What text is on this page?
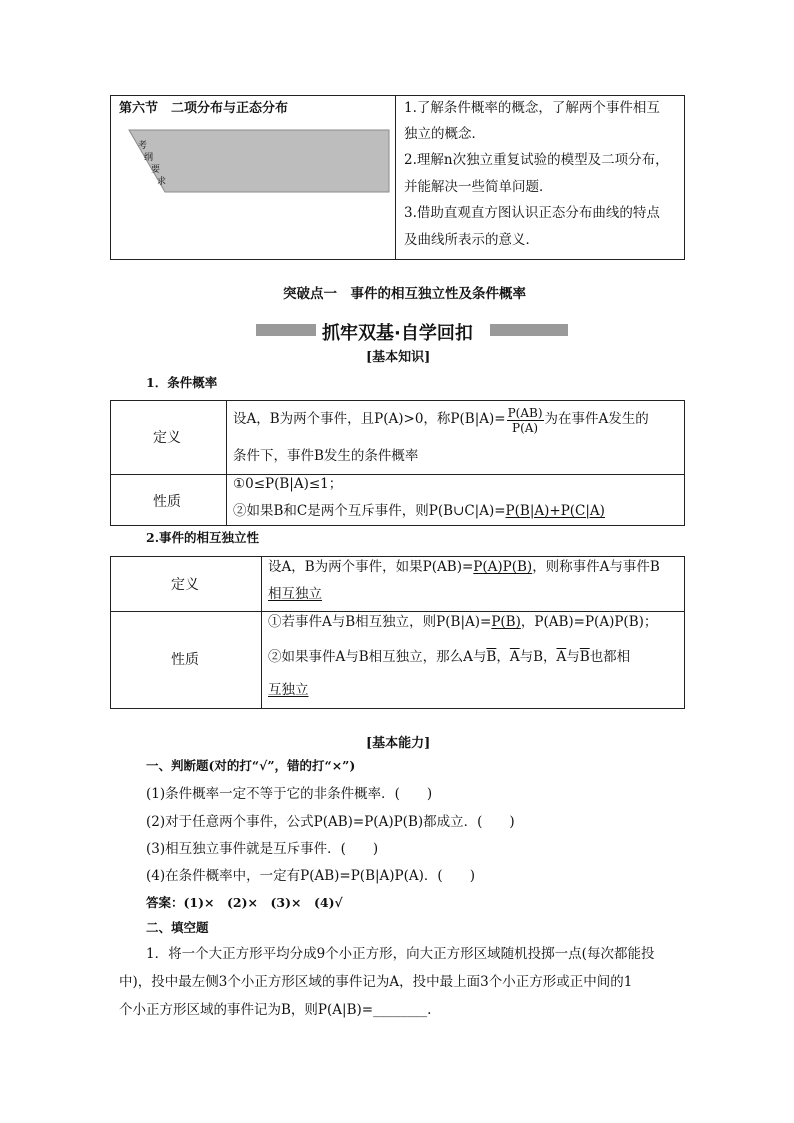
第六节　二项分布与正态分布
考
纲
要
求
1.了解条件概率的概念，了解两个事件相互
独立的概念．
2.理解n次独立重复试验的模型及二项分布，
并能解决一些简单问题．
3.借助直观直方图认识正态分布曲线的特点
及曲线所表示的意义．
突破点一　事件的相互独立性及条件概率
抓牢双基·自学回扣
[基本知识]
1．条件概率
定义
设A，B为两个事件，且P(A)>0，称$P(B|A)= \frac{P(AB)}{P(A)}$ 为在事件A发生的
条件下，事件B发生的条件概率
性质
①0≤P(B|A)≤1；
②如果B和C是两个互斥事件，则P(B∪C|A)=P(B|A)+P(C|A)
2.事件的相互独立性
定义
设A，B为两个事件，如果P(AB)=P(A)P(B)，则称事件A与事件B
相互独立
性质
①若事件A与B相互独立，则P(B|A)=P(B)，P(AB)=P(A)P(B)；
②如果事件A与B相互独立，那么A与$\overline{B}$，$\overline{A}$与B，$\overline{A}$与$\overline{B}$也都相
互独立
[基本能力]
一、判断题(对的打“√”，错的打“×”)
(1)条件概率一定不等于它的非条件概率．(　　)
(2)对于任意两个事件，公式P(AB)=P(A)P(B)都成立．(　　)
(3)相互独立事件就是互斥事件．(　　)
(4)在条件概率中，一定有P(AB)=P(B|A)P(A)．(　　)
答案：(1)×　(2)×　(3)×　(4)√
二、填空题
1．将一个大正方形平均分成9个小正方形，向大正方形区域随机投掷一点(每次都能投
中)，投中最左侧3个小正方形区域的事件记为A，投中最上面3个小正方形或正中间的1
个小正方形区域的事件记为B，则P(A|B)=________.
